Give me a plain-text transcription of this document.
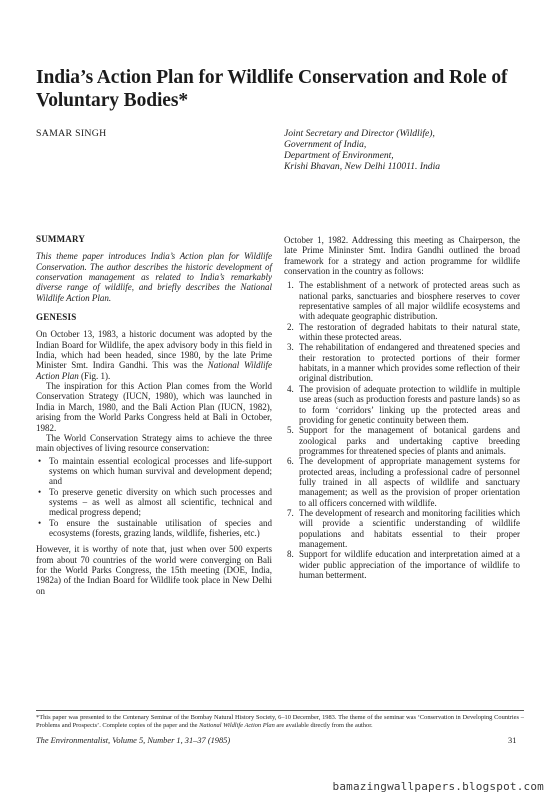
India’s Action Plan for Wildlife Conservation and Role of Voluntary Bodies*
SAMAR SINGH	Joint Secretary and Director (Wildlife),
Government of India,
Department of Environment,
Krishi Bhavan, New Delhi 110011. India
SUMMARY

This theme paper introduces India’s Action plan for Wildlife Conservation. The author describes the historic development of conservation management as related to India’s remarkably diverse range of wildlife, and briefly describes the National Wildlife Action Plan.

GENESIS

On October 13, 1983, a historic document was adopted by the Indian Board for Wildlife, the apex advisory body in this field in India, which had been headed, since 1980, by the late Prime Minister Smt. Indira Gandhi. This was the National Wildlife Action Plan (Fig. 1).

The inspiration for this Action Plan comes from the World Conservation Strategy (IUCN, 1980), which was launched in India in March, 1980, and the Bali Action Plan (IUCN, 1982), arising from the World Parks Congress held at Bali in October, 1982.

The World Conservation Strategy aims to achieve the three main objectives of living resource conservation:

• To maintain essential ecological processes and life-support systems on which human survival and development depend; and
• To preserve genetic diversity on which such processes and systems – as well as almost all scientific, technical and medical progress depend;
• To ensure the sustainable utilisation of species and ecosystems (forests, grazing lands, wildlife, fisheries, etc.)

However, it is worthy of note that, just when over 500 experts from about 70 countries of the world were converging on Bali for the World Parks Congress, the 15th meeting (DOE, India, 1982a) of the Indian Board for Wildlife took place in New Delhi on

October 1, 1982. Addressing this meeting as Chairperson, the late Prime Mininster Smt. Indira Gandhi outlined the broad framework for a strategy and action programme for wildlife conservation in the country as follows:

1. The establishment of a network of protected areas such as national parks, sanctuaries and biosphere reserves to cover representative samples of all major wildlife ecosystems and with adequate geographic distribution.
2. The restoration of degraded habitats to their natural state, within these protected areas.
3. The rehabilitation of endangered and threatened species and their restoration to protected portions of their former habitats, in a manner which provides some reflection of their original distribution.
4. The provision of adequate protection to wildlife in multiple use areas (such as production forests and pasture lands) so as to form ‘corridors’ linking up the protected areas and providing for genetic continuity between them.
5. Support for the management of botanical gardens and zoological parks and undertaking captive breeding programmes for threatened species of plants and animals.
6. The development of appropriate management systems for protected areas, including a professional cadre of personnel fully trained in all aspects of wildlife and sanctuary management; as well as the provision of proper orientation to all officers concerned with wildlife.
7. The development of research and monitoring facilities which will provide a scientific understanding of wildlife populations and habitats essential to their proper management.
8. Support for wildlife education and interpretation aimed at a wider public appreciation of the importance of wildlife to human betterment.
*This paper was presented to the Centenary Seminar of the Bombay Natural History Society, 6–10 December, 1983. The theme of the seminar was ‘Conservation in Developing Countries – Problems and Prospects’. Complete copies of the paper and the National Wildlife Action Plan are available directly from the author.
The Environmentalist, Volume 5, Number 1, 31–37 (1985)	31
bamazingwallpapers.blogspot.com
